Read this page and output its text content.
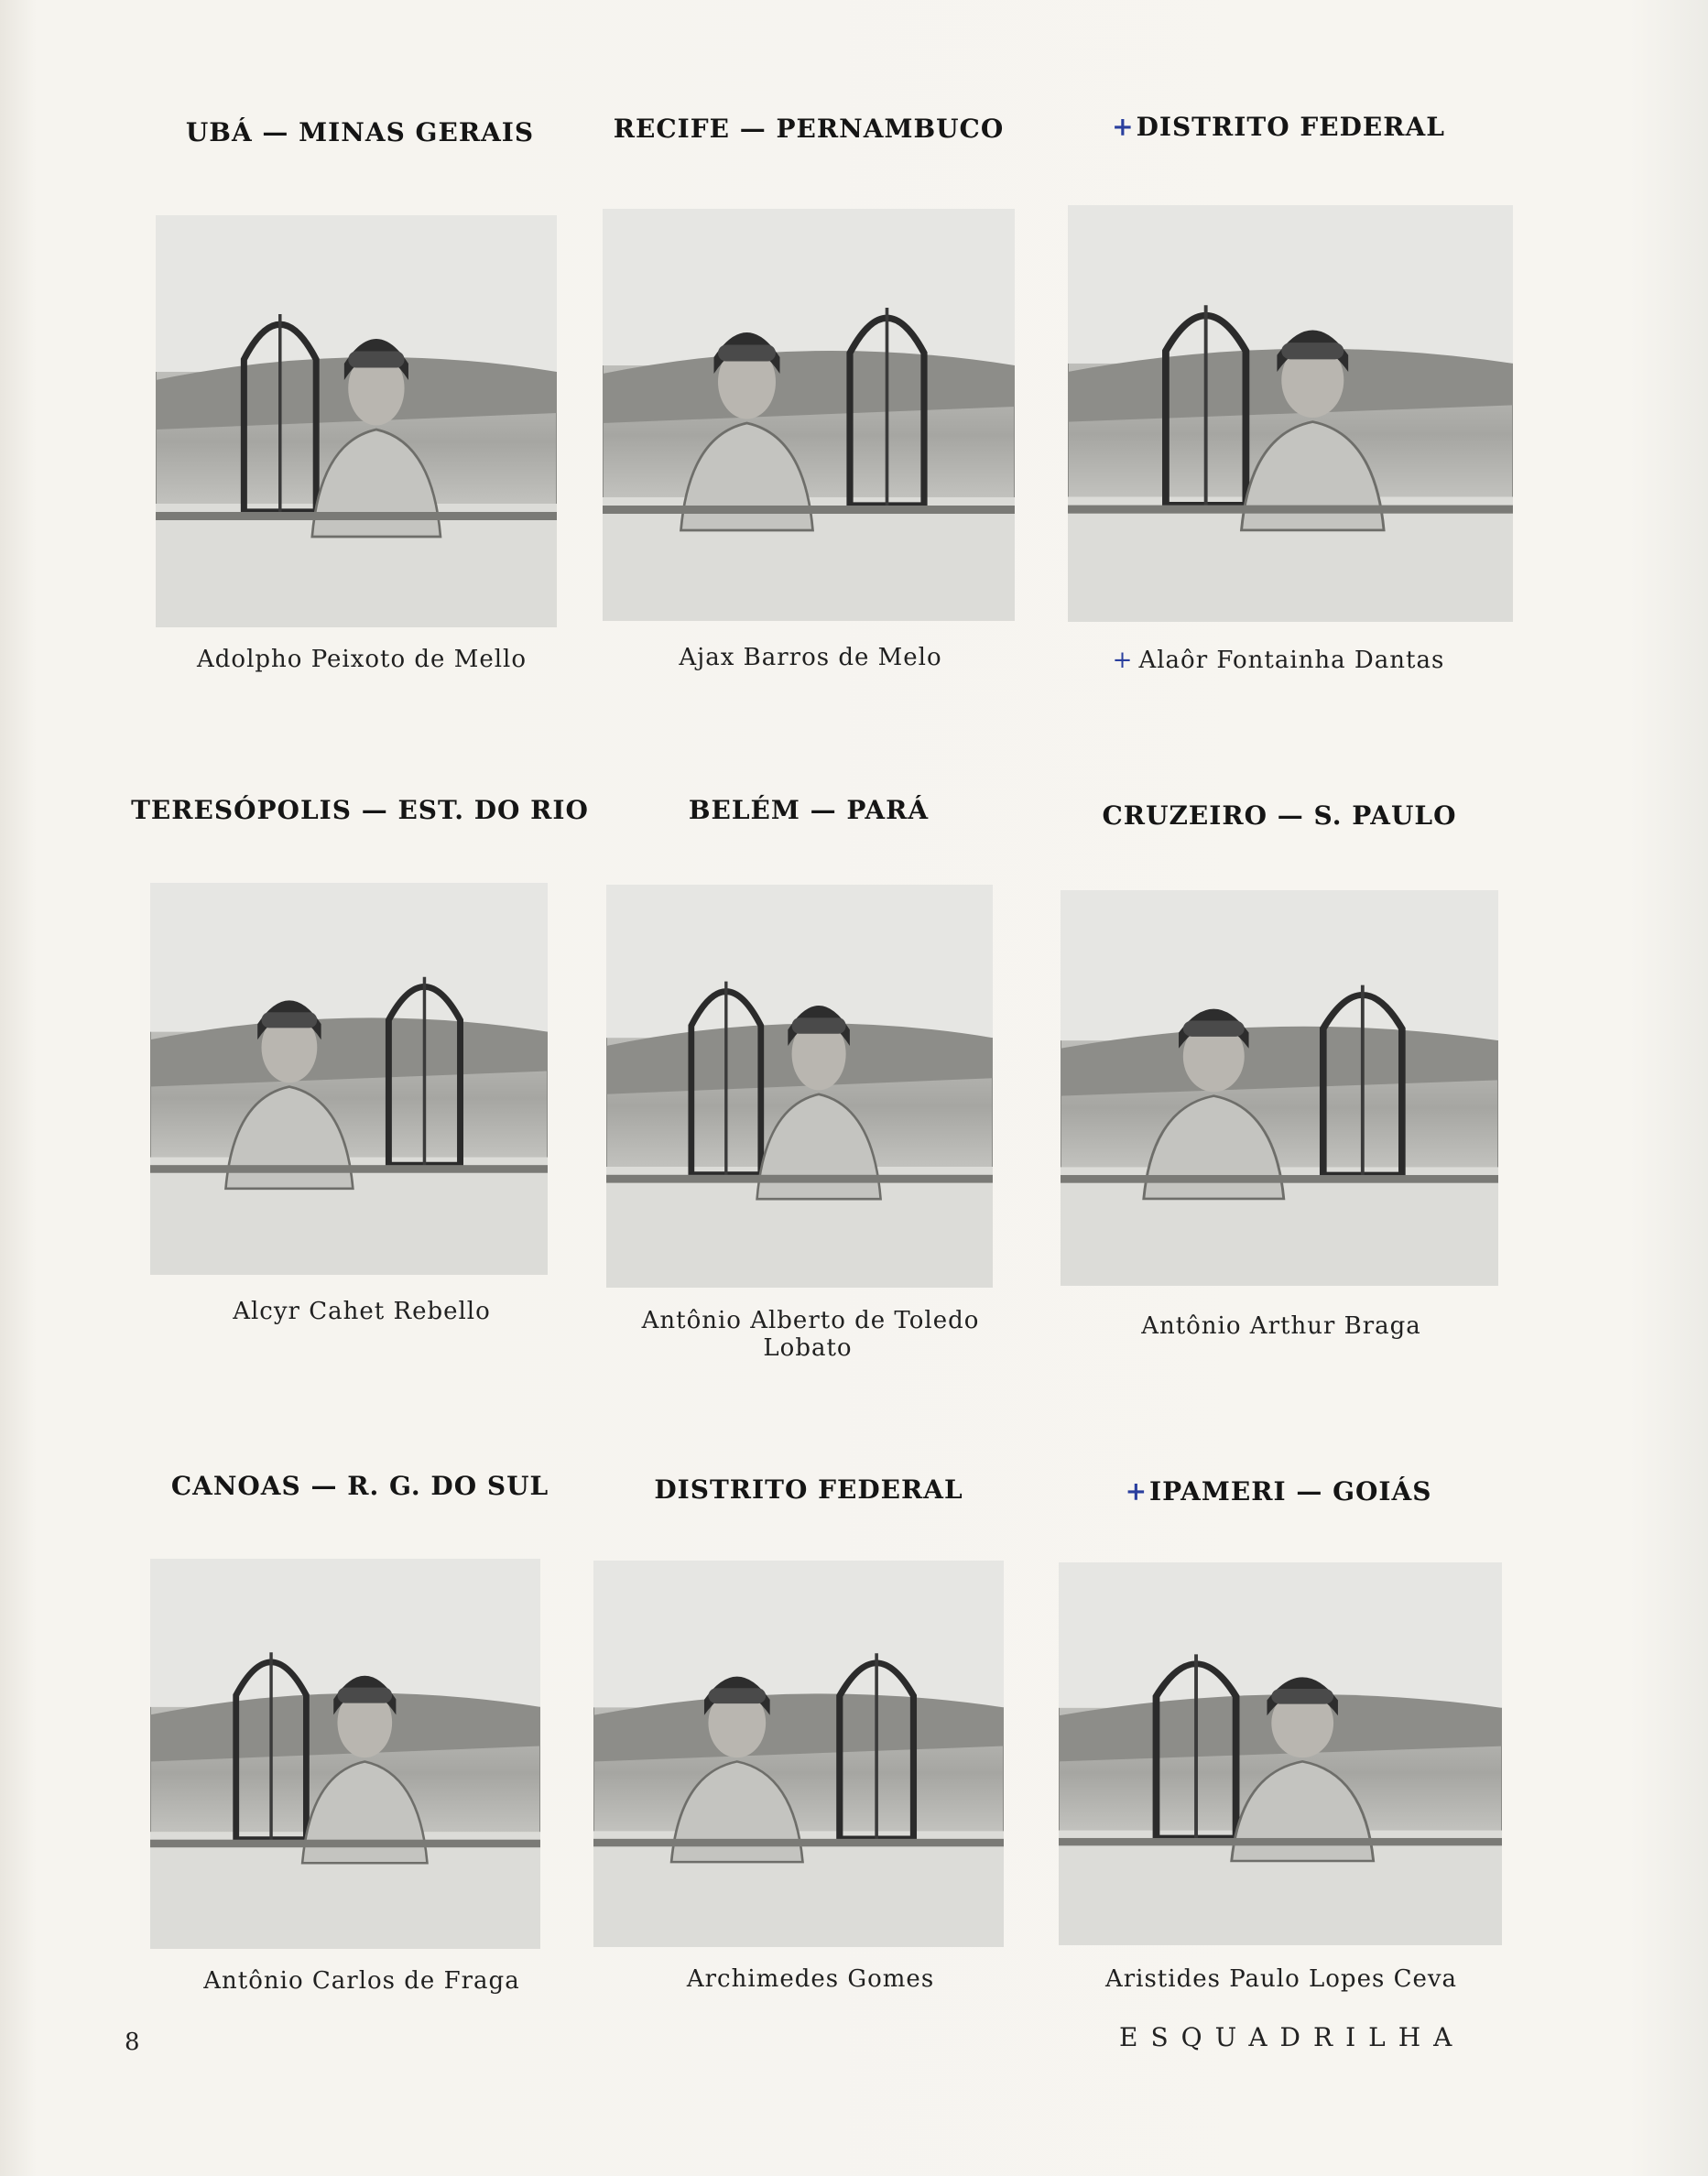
UBÁ — MINAS GERAIS
Adolpho Peixoto de Mello
RECIFE — PERNAMBUCO
Ajax Barros de Melo
+DISTRITO FEDERAL
+ Alaôr Fontainha Dantas
TERESÓPOLIS — EST. DO RIO
Alcyr Cahet Rebello
BELÉM — PARÁ
Antônio Alberto de Toledo Lobato
CRUZEIRO — S. PAULO
Antônio Arthur Braga
CANOAS — R. G. DO SUL
Antônio Carlos de Fraga
DISTRITO FEDERAL
Archimedes Gomes
+IPAMERI — GOIÁS
Aristides Paulo Lopes Ceva
8	ESQUADRILHA
